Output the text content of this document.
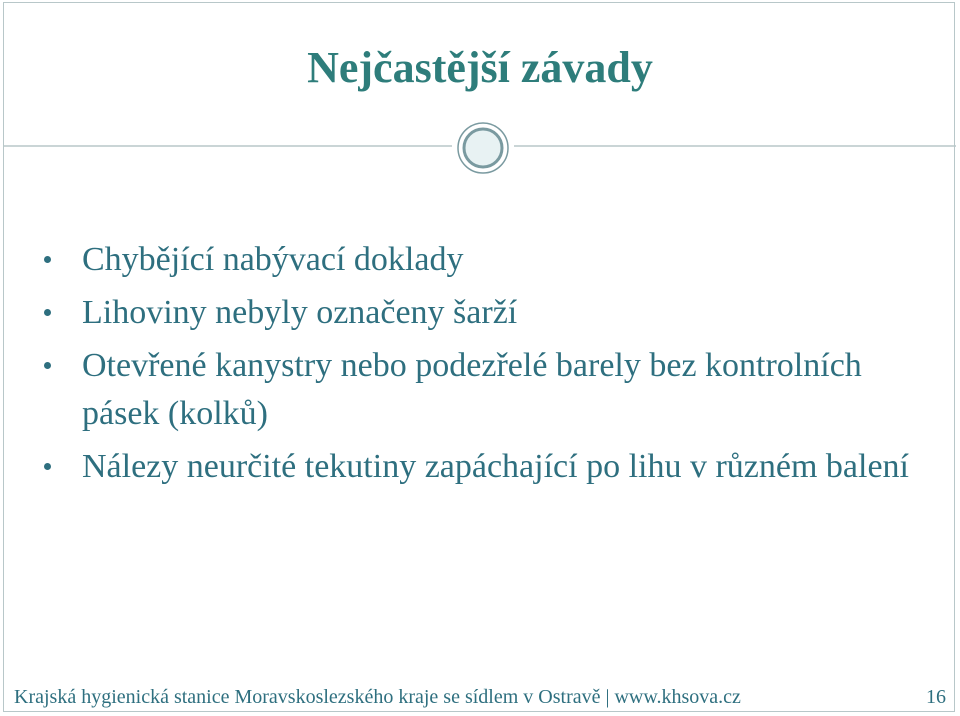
Nejčastější závady
Chybějící nabývací doklady
Lihoviny nebyly označeny šarží
Otevřené kanystry nebo podezřelé barely bez kontrolních pásek (kolků)
Nálezy neurčité tekutiny zapáchající po lihu v různém balení
Krajská hygienická stanice Moravskoslezského kraje se sídlem v Ostravě | www.khsova.cz	16
